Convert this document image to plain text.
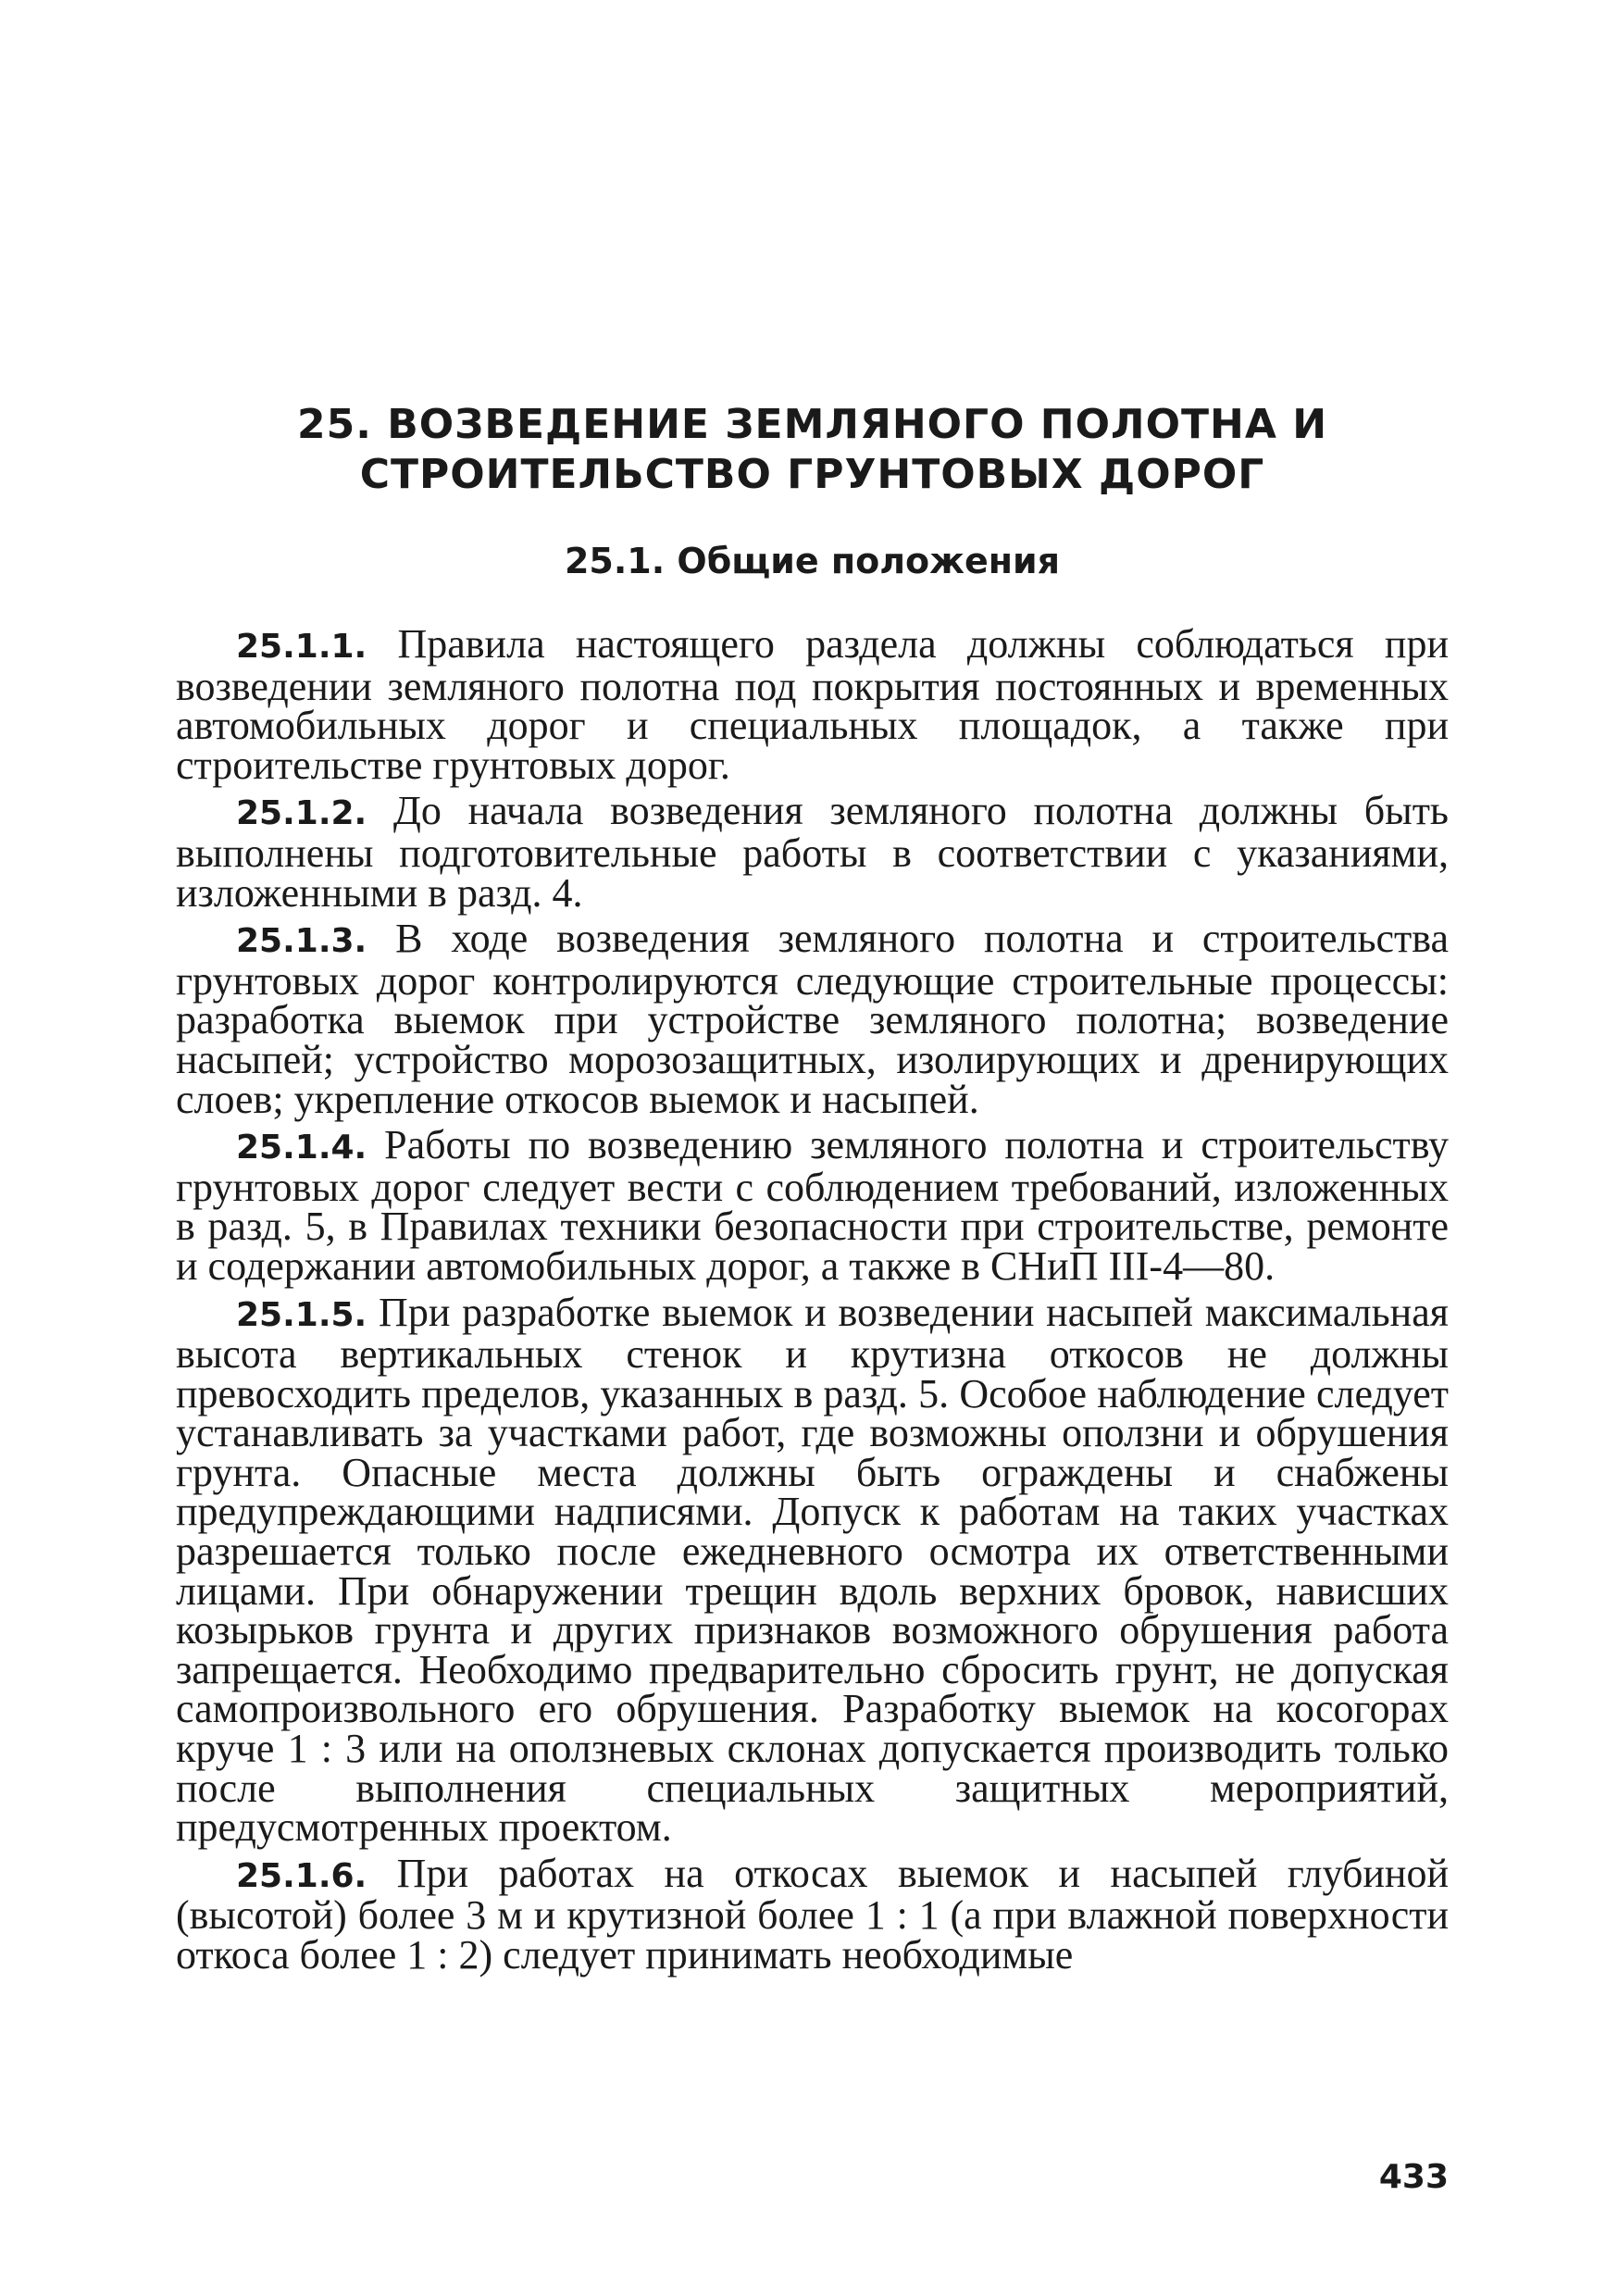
25. ВОЗВЕДЕНИЕ ЗЕМЛЯНОГО ПОЛОТНА И
СТРОИТЕЛЬСТВО ГРУНТОВЫХ ДОРОГ
25.1. Общие положения

25.1.1. Правила настоящего раздела должны соблюдаться при возведении земляного полотна под покрытия постоянных и временных автомобильных дорог и специальных площадок, а также при строительстве грунтовых дорог.

25.1.2. До начала возведения земляного полотна должны быть выполнены подготовительные работы в соответствии с указаниями, изложенными в разд. 4.

25.1.3. В ходе возведения земляного полотна и строительства грунтовых дорог контролируются следующие строительные процессы: разработка выемок при устройстве земляного полотна; возведение насыпей; устройство морозозащитных, изолирующих и дренирующих слоев; укрепление откосов выемок и насыпей.

25.1.4. Работы по возведению земляного полотна и строительству грунтовых дорог следует вести с соблюдением требований, изложенных в разд. 5, в Правилах техники безопасности при строительстве, ремонте и содержании автомобильных дорог, а также в СНиП III-4—80.

25.1.5. При разработке выемок и возведении насыпей максимальная высота вертикальных стенок и крутизна откосов не должны превосходить пределов, указанных в разд. 5. Особое наблюдение следует устанавливать за участками работ, где возможны оползни и обрушения грунта. Опасные места должны быть ограждены и снабжены предупреждающими надписями. Допуск к работам на таких участках разрешается только после ежедневного осмотра их ответственными лицами. При обнаружении трещин вдоль верхних бровок, нависших козырьков грунта и других признаков возможного обрушения работа запрещается. Необходимо предварительно сбросить грунт, не допуская самопроизвольного его обрушения. Разработку выемок на косогорах круче 1 : 3 или на оползневых склонах допускается производить только после выполнения специальных защитных мероприятий, предусмотренных проектом.

25.1.6. При работах на откосах выемок и насыпей глубиной (высотой) более 3 м и крутизной более 1 : 1 (а при влажной поверхности откоса более 1 : 2) следует принимать необходимые

433
